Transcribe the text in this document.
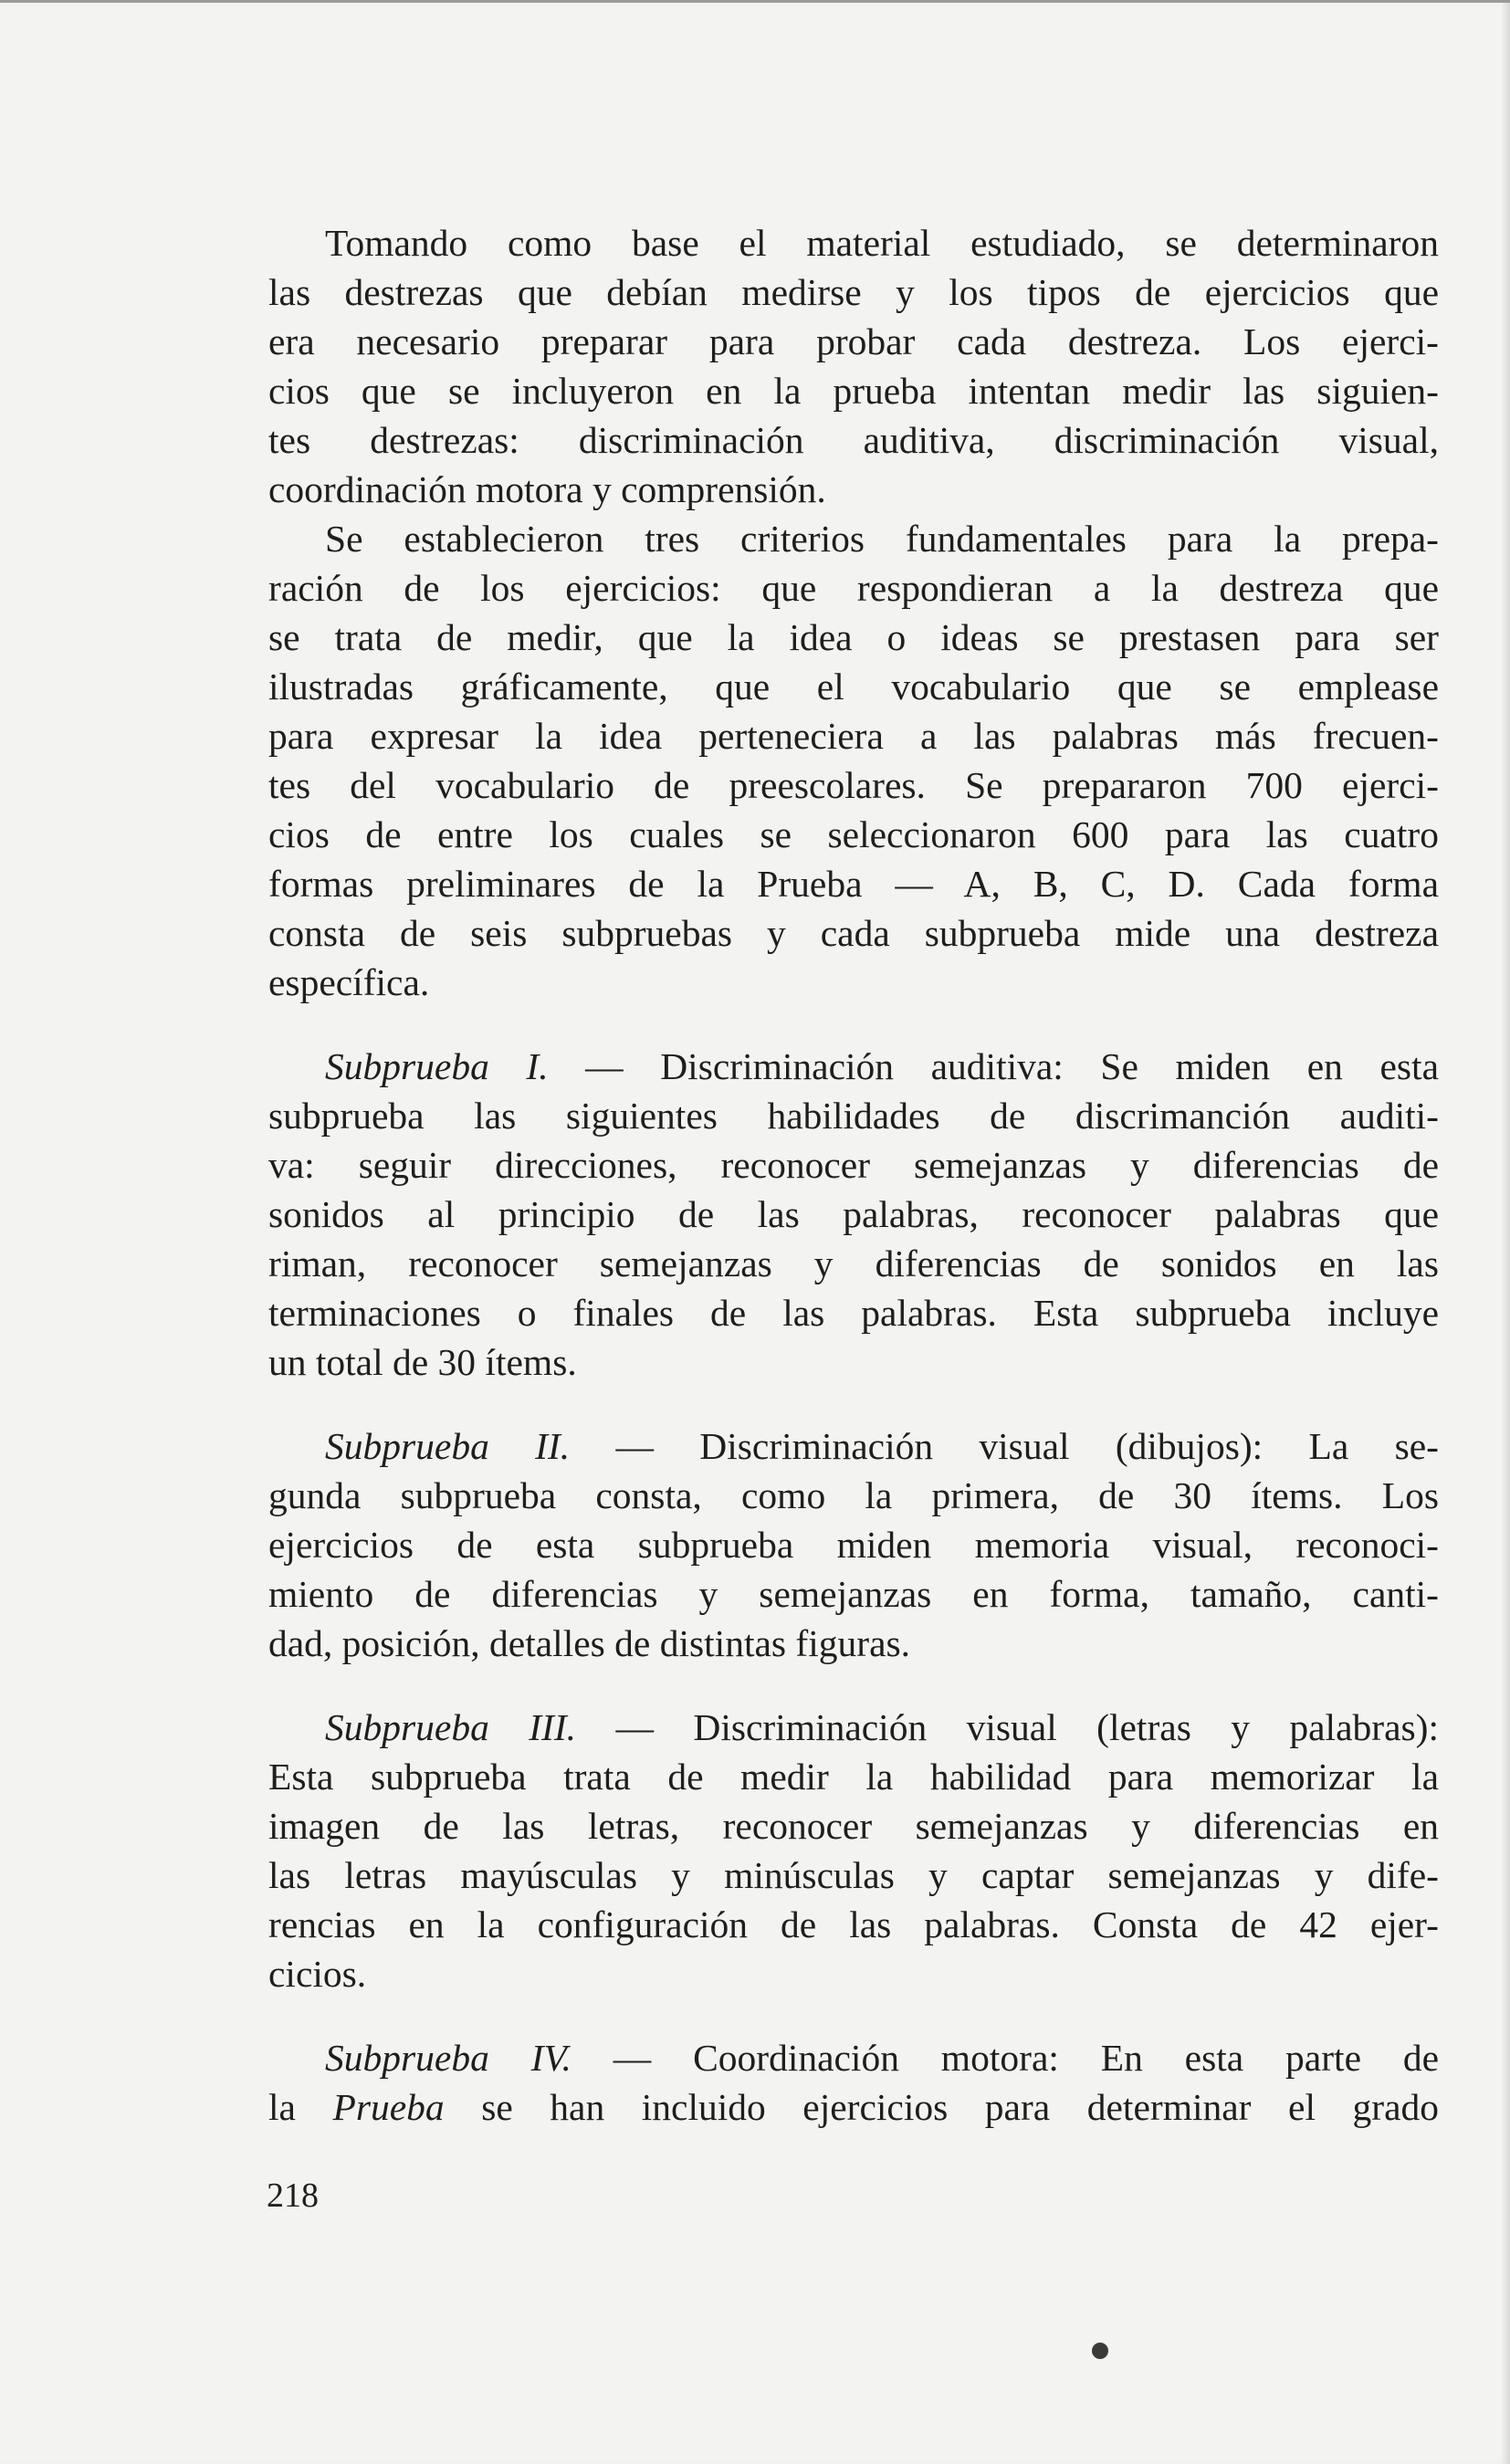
Tomando como base el material estudiado, se determinaron
las destrezas que debían medirse y los tipos de ejercicios que
era necesario preparar para probar cada destreza. Los ejerci-
cios que se incluyeron en la prueba intentan medir las siguien-
tes destrezas: discriminación auditiva, discriminación visual,
coordinación motora y comprensión.
Se establecieron tres criterios fundamentales para la prepa-
ración de los ejercicios: que respondieran a la destreza que
se trata de medir, que la idea o ideas se prestasen para ser
ilustradas gráficamente, que el vocabulario que se emplease
para expresar la idea perteneciera a las palabras más frecuen-
tes del vocabulario de preescolares. Se prepararon 700 ejerci-
cios de entre los cuales se seleccionaron 600 para las cuatro
formas preliminares de la Prueba — A, B, C, D. Cada forma
consta de seis subpruebas y cada subprueba mide una destreza
específica.
Subprueba I. — Discriminación auditiva: Se miden en esta
subprueba las siguientes habilidades de discrimanción auditi-
va: seguir direcciones, reconocer semejanzas y diferencias de
sonidos al principio de las palabras, reconocer palabras que
riman, reconocer semejanzas y diferencias de sonidos en las
terminaciones o finales de las palabras. Esta subprueba incluye
un total de 30 ítems.
Subprueba II. — Discriminación visual (dibujos): La se-
gunda subprueba consta, como la primera, de 30 ítems. Los
ejercicios de esta subprueba miden memoria visual, reconoci-
miento de diferencias y semejanzas en forma, tamaño, canti-
dad, posición, detalles de distintas figuras.
Subprueba III. — Discriminación visual (letras y palabras):
Esta subprueba trata de medir la habilidad para memorizar la
imagen de las letras, reconocer semejanzas y diferencias en
las letras mayúsculas y minúsculas y captar semejanzas y dife-
rencias en la configuración de las palabras. Consta de 42 ejer-
cicios.
Subprueba IV. — Coordinación motora: En esta parte de
la Prueba se han incluido ejercicios para determinar el grado
218
